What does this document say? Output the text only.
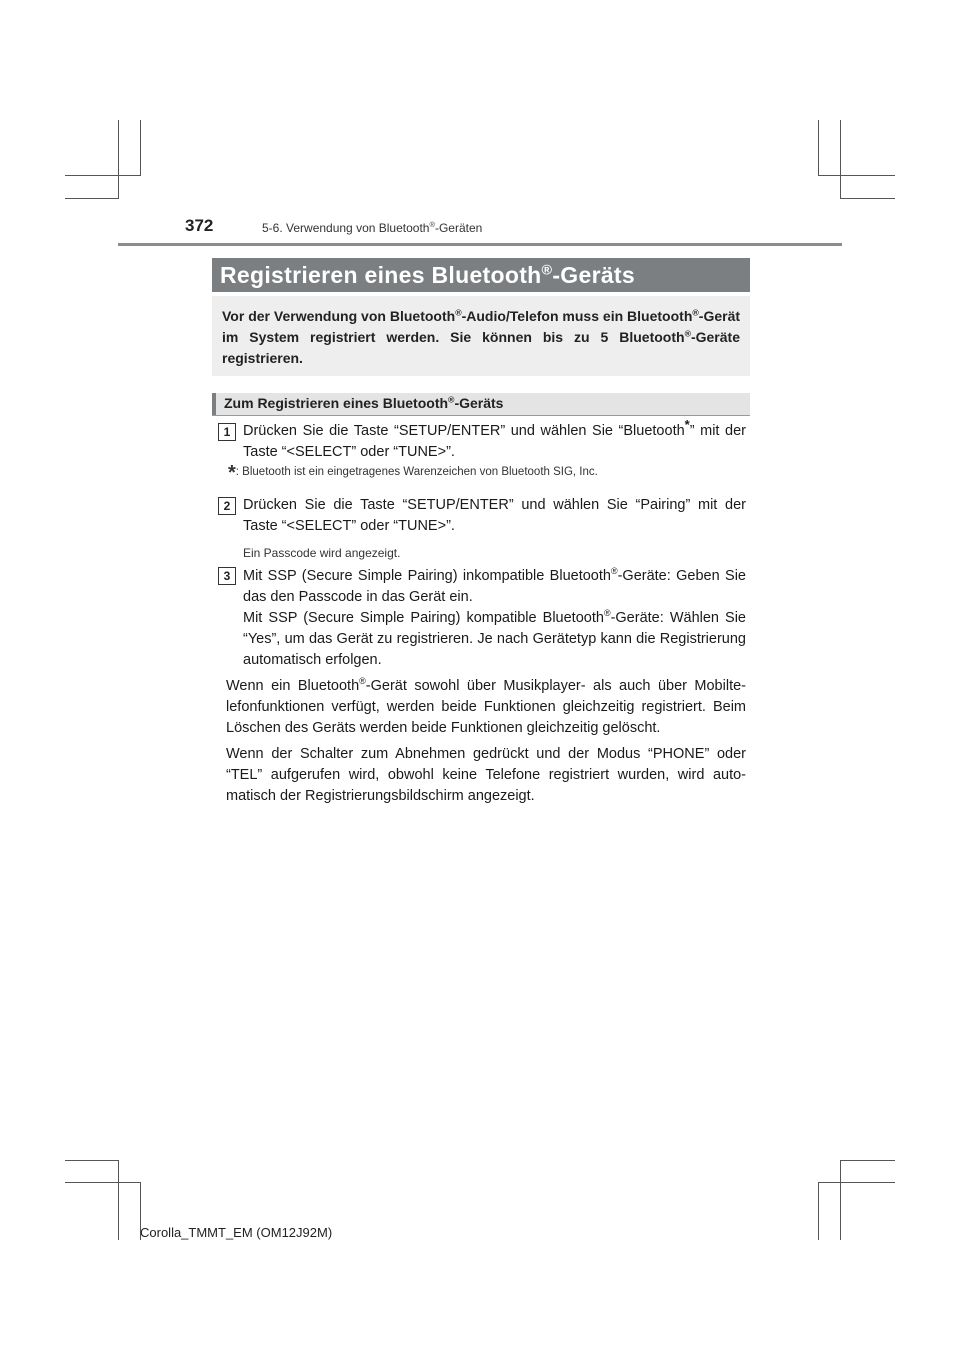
372	5-6. Verwendung von Bluetooth®-Geräten
Registrieren eines Bluetooth®-Geräts
Vor der Verwendung von Bluetooth®-Audio/Telefon muss ein Bluetooth®-Gerät im System registriert werden. Sie können bis zu 5 Bluetooth®-Geräte registrieren.
Zum Registrieren eines Bluetooth®-Geräts
1 Drücken Sie die Taste “SETUP/ENTER” und wählen Sie “Bluetooth*” mit der Taste “<SELECT” oder “TUNE>”.
*: Bluetooth ist ein eingetragenes Warenzeichen von Bluetooth SIG, Inc.
2 Drücken Sie die Taste “SETUP/ENTER” und wählen Sie “Pairing” mit der Taste “<SELECT” oder “TUNE>”.
Ein Passcode wird angezeigt.
3 Mit SSP (Secure Simple Pairing) inkompatible Bluetooth®-Geräte: Geben Sie das den Passcode in das Gerät ein.
Mit SSP (Secure Simple Pairing) kompatible Bluetooth®-Geräte: Wählen Sie “Yes”, um das Gerät zu registrieren. Je nach Gerätetyp kann die Registrierung automatisch erfolgen.
Wenn ein Bluetooth®-Gerät sowohl über Musikplayer- als auch über Mobilte-lefonfunktionen verfügt, werden beide Funktionen gleichzeitig registriert. Beim Löschen des Geräts werden beide Funktionen gleichzeitig gelöscht.
Wenn der Schalter zum Abnehmen gedrückt und der Modus “PHONE” oder “TEL” aufgerufen wird, obwohl keine Telefone registriert wurden, wird auto-matisch der Registrierungsbildschirm angezeigt.
Corolla_TMMT_EM (OM12J92M)
